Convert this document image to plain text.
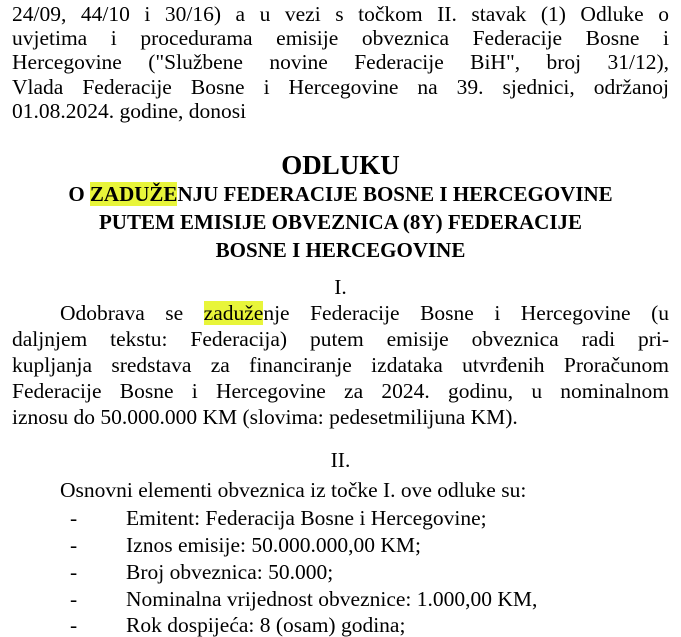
24/09, 44/10 i 30/16) a u vezi s točkom II. stavak (1) Odluke o
uvjetima i procedurama emisije obveznica Federacije Bosne i
Hercegovine ("Službene novine Federacije BiH", broj 31/12),
Vlada Federacije Bosne i Hercegovine na 39. sjednici, održanoj
01.08.2024. godine, donosi
ODLUKU
O ZADUŽENJU FEDERACIJE BOSNE I HERCEGOVINE
PUTEM EMISIJE OBVEZNICA (8Y) FEDERACIJE
BOSNE I HERCEGOVINE
I.
Odobrava se zaduženje Federacije Bosne i Hercegovine (u
daljnjem tekstu: Federacija) putem emisije obveznica radi pri-
kupljanja sredstava za financiranje izdataka utvrđenih Proračunom
Federacije Bosne i Hercegovine za 2024. godinu, u nominalnom
iznosu do 50.000.000 KM (slovima: pedesetmilijuna KM).
II.
Osnovni elementi obveznica iz točke I. ove odluke su:
- Emitent: Federacija Bosne i Hercegovine;
- Iznos emisije: 50.000.000,00 KM;
- Broj obveznica: 50.000;
- Nominalna vrijednost obveznice: 1.000,00 KM,
- Rok dospijeća: 8 (osam) godina;
